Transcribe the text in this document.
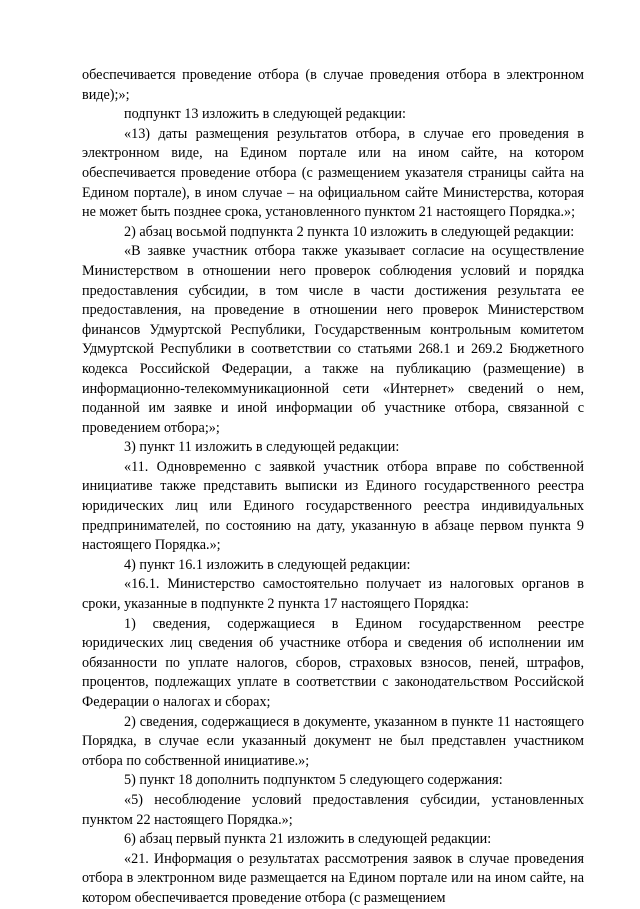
обеспечивается проведение отбора (в случае проведения отбора в электронном виде);»;

подпункт 13 изложить в следующей редакции:

«13) даты размещения результатов отбора, в случае его проведения в электронном виде, на Едином портале или на ином сайте, на котором обеспечивается проведение отбора (с размещением указателя страницы сайта на Едином портале), в ином случае – на официальном сайте Министерства, которая не может быть позднее срока, установленного пунктом 21 настоящего Порядка.»;

2) абзац восьмой подпункта 2 пункта 10 изложить в следующей редакции:

«В заявке участник отбора также указывает согласие на осуществление Министерством в отношении него проверок соблюдения условий и порядка предоставления субсидии, в том числе в части достижения результата ее предоставления, на проведение в отношении него проверок Министерством финансов Удмуртской Республики, Государственным контрольным комитетом Удмуртской Республики в соответствии со статьями 268.1 и 269.2 Бюджетного кодекса Российской Федерации, а также на публикацию (размещение) в информационно-телекоммуникационной сети «Интернет» сведений о нем, поданной им заявке и иной информации об участнике отбора, связанной с проведением отбора;»;

3) пункт 11 изложить в следующей редакции:

«11. Одновременно с заявкой участник отбора вправе по собственной инициативе также представить выписки из Единого государственного реестра юридических лиц или Единого государственного реестра индивидуальных предпринимателей, по состоянию на дату, указанную в абзаце первом пункта 9 настоящего Порядка.»;

4) пункт 16.1 изложить в следующей редакции:

«16.1. Министерство самостоятельно получает из налоговых органов в сроки, указанные в подпункте 2 пункта 17 настоящего Порядка:

1) сведения, содержащиеся в Едином государственном реестре юридических лиц сведения об участнике отбора и сведения об исполнении им обязанности по уплате налогов, сборов, страховых взносов, пеней, штрафов, процентов, подлежащих уплате в соответствии с законодательством Российской Федерации о налогах и сборах;

2) сведения, содержащиеся в документе, указанном в пункте 11 настоящего Порядка, в случае если указанный документ не был представлен участником отбора по собственной инициативе.»;

5) пункт 18 дополнить подпунктом 5 следующего содержания:

«5) несоблюдение условий предоставления субсидии, установленных пунктом 22 настоящего Порядка.»;

6) абзац первый пункта 21 изложить в следующей редакции:

«21. Информация о результатах рассмотрения заявок в случае проведения отбора в электронном виде размещается на Едином портале или на ином сайте, на котором обеспечивается проведение отбора (с размещением
